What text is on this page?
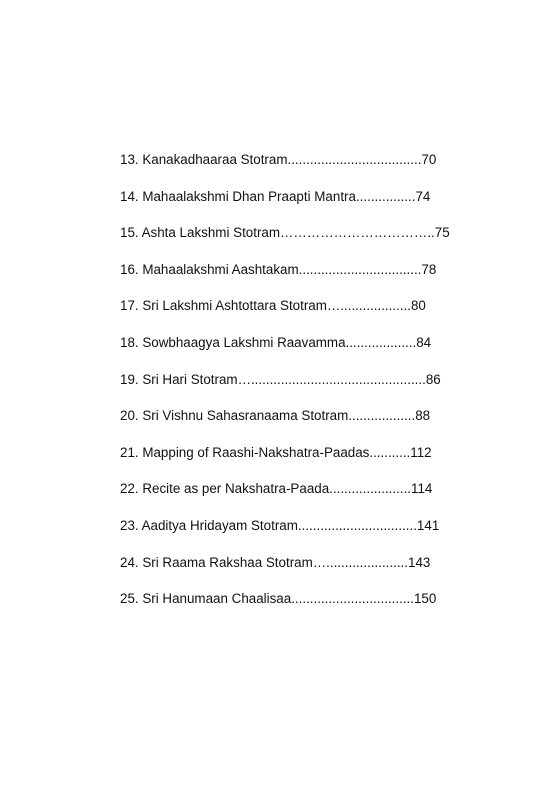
13. Kanakadhaaraa Stotram....................................70
14. Mahaalakshmi Dhan Praapti Mantra................74
15. Ashta Lakshmi Stotram……………………………..75
16. Mahaalakshmi Aashtakam.................................78
17. Sri Lakshmi Ashtottara Stotram…...................80
18. Sowbhaagya Lakshmi Raavamma...................84
19. Sri Hari Stotram…...............................................86
20. Sri Vishnu Sahasranaama Stotram..................88
21. Mapping of Raashi-Nakshatra-Paadas...........112
22. Recite as per Nakshatra-Paada......................114
23. Aaditya Hridayam Stotram................................141
24. Sri Raama Rakshaa Stotram…......................143
25. Sri Hanumaan Chaalisaa.................................150
